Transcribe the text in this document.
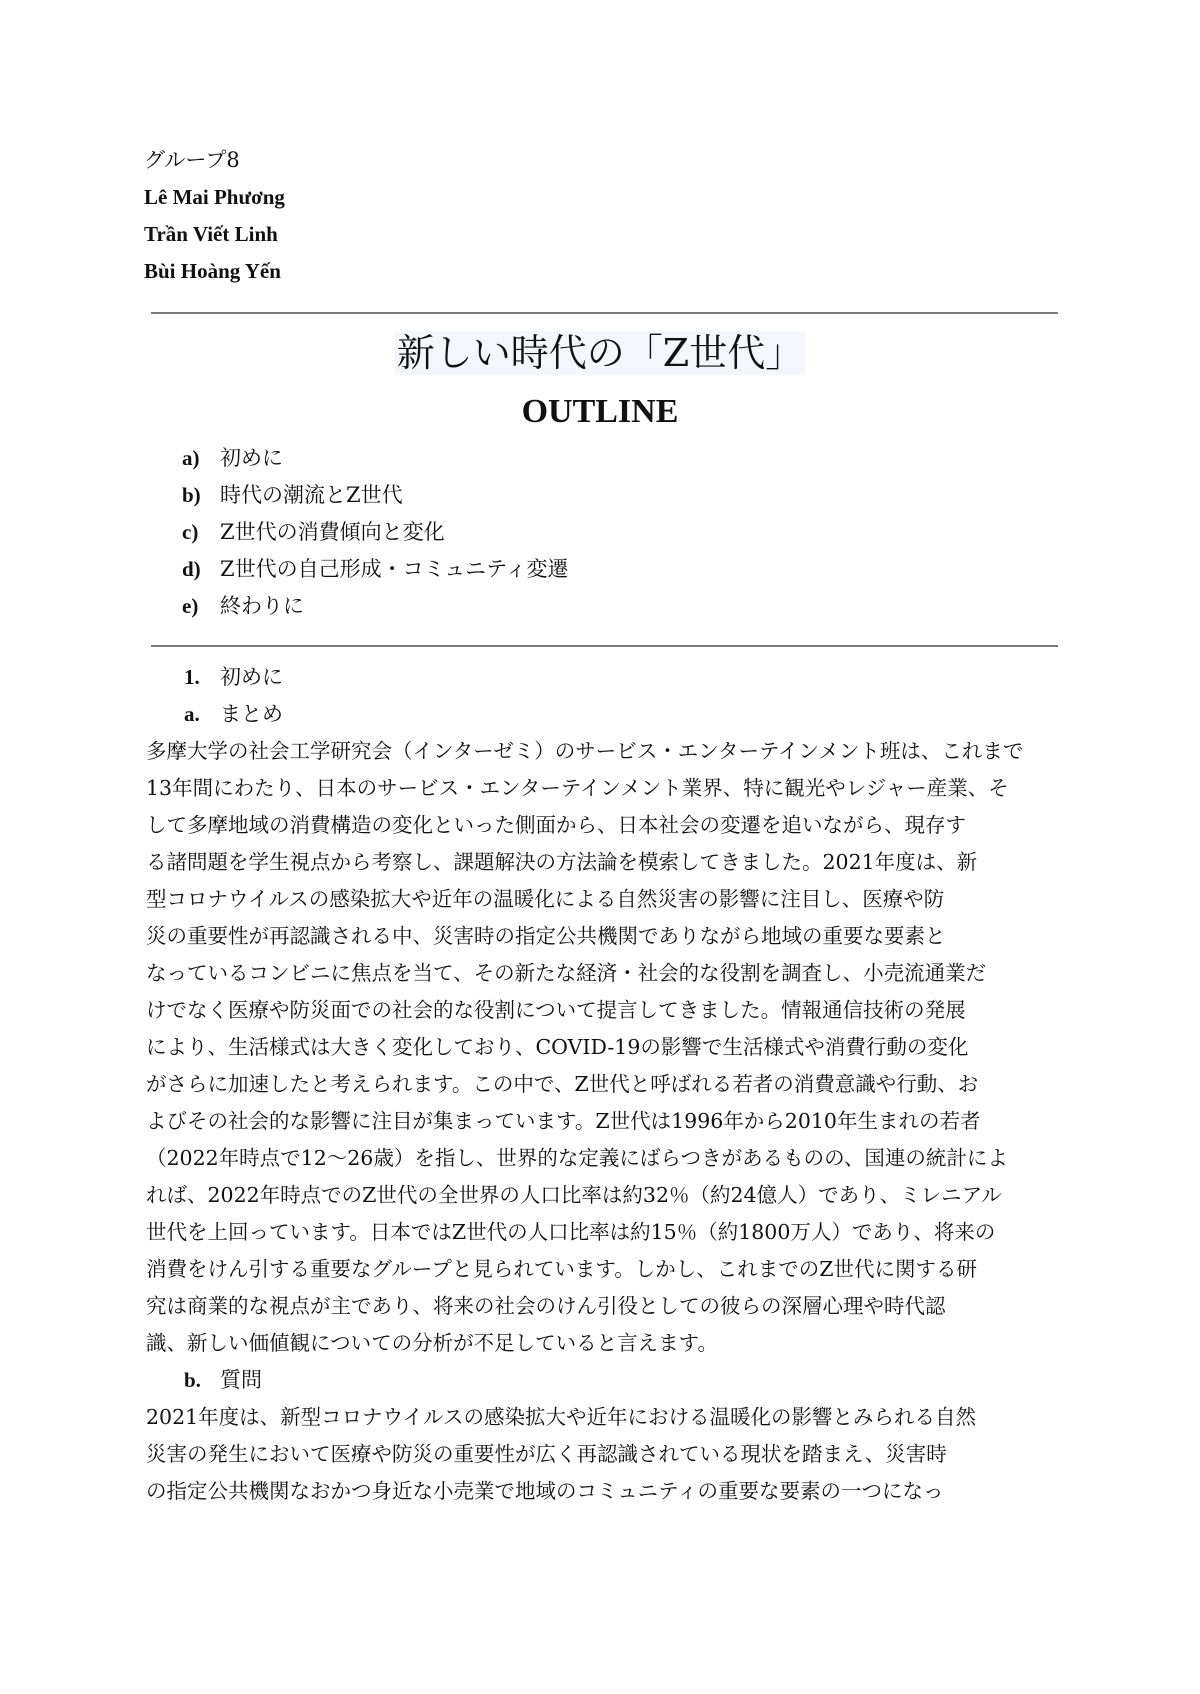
グループ8
Lê Mai Phương
Trần Viết Linh
Bùi Hoàng Yến
新しい時代の「Z世代」
OUTLINE
a) 初めに
b) 時代の潮流とZ世代
c) Z世代の消費傾向と変化
d) Z世代の自己形成・コミュニティ変遷
e) 終わりに
1. 初めに
a. まとめ
多摩大学の社会工学研究会（インターゼミ）のサービス・エンターテインメント班は、これまで
13年間にわたり、日本のサービス・エンターテインメント業界、特に観光やレジャー産業、そ
して多摩地域の消費構造の変化といった側面から、日本社会の変遷を追いながら、現存す
る諸問題を学生視点から考察し、課題解決の方法論を模索してきました。2021年度は、新
型コロナウイルスの感染拡大や近年の温暖化による自然災害の影響に注目し、医療や防
災の重要性が再認識される中、災害時の指定公共機関でありながら地域の重要な要素と
なっているコンビニに焦点を当て、その新たな経済・社会的な役割を調査し、小売流通業だ
けでなく医療や防災面での社会的な役割について提言してきました。情報通信技術の発展
により、生活様式は大きく変化しており、COVID-19の影響で生活様式や消費行動の変化
がさらに加速したと考えられます。この中で、Z世代と呼ばれる若者の消費意識や行動、お
よびその社会的な影響に注目が集まっています。Z世代は1996年から2010年生まれの若者
（2022年時点で12～26歳）を指し、世界的な定義にばらつきがあるものの、国連の統計によ
れば、2022年時点でのZ世代の全世界の人口比率は約32％（約24億人）であり、ミレニアル
世代を上回っています。日本ではZ世代の人口比率は約15％（約1800万人）であり、将来の
消費をけん引する重要なグループと見られています。しかし、これまでのZ世代に関する研
究は商業的な視点が主であり、将来の社会のけん引役としての彼らの深層心理や時代認
識、新しい価値観についての分析が不足していると言えます。
b. 質問
2021年度は、新型コロナウイルスの感染拡大や近年における温暖化の影響とみられる自然
災害の発生において医療や防災の重要性が広く再認識されている現状を踏まえ、災害時
の指定公共機関なおかつ身近な小売業で地域のコミュニティの重要な要素の一つになっ
